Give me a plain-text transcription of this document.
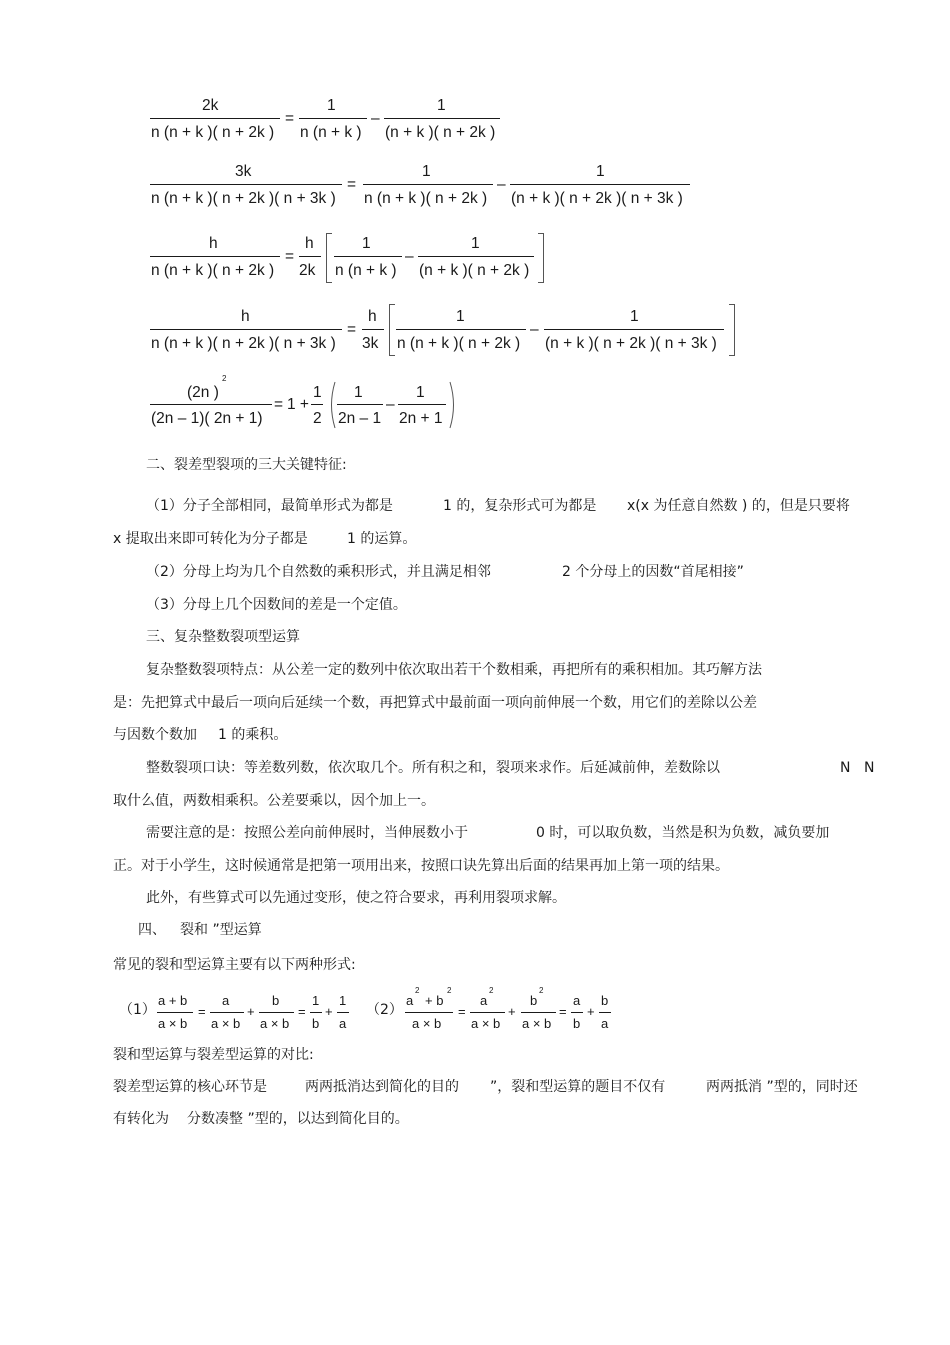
2k
n (n + k )( n + 2k )
=
1
n (n + k )
–
1
(n + k )( n + 2k )
3k
n (n + k )( n + 2k )( n + 3k )
=
1
n (n + k )( n + 2k )
–
1
(n + k )( n + 2k )( n + 3k )
h
n (n + k )( n + 2k )
=
h
2k
1
n (n + k )
–
1
(n + k )( n + 2k )
h
n (n + k )( n + 2k )( n + 3k )
=
h
3k
1
n (n + k )( n + 2k )
–
1
(n + k )( n + 2k )( n + 3k )
(2n )
2
(2n – 1)( 2n + 1)
= 1 +
1
2
1
2n – 1
–
1
2n + 1
二、裂差型裂项的三大关键特征:
（1）分子全部相同，最简单形式为都是	1 的，复杂形式可为都是 x(x 为任意自然数 ) 的，但是只要将
x 提取出来即可转化为分子都是	1 的运算。
（2）分母上均为几个自然数的乘积形式，并且满足相邻	2 个分母上的因数“首尾相接”
（3）分母上几个因数间的差是一个定值。
三、复杂整数裂项型运算
复杂整数裂项特点：从公差一定的数列中依次取出若干个数相乘，再把所有的乘积相加。其巧解方法
是：先把算式中最后一项向后延续一个数，再把算式中最前面一项向前伸展一个数，用它们的差除以公差
与因数个数加 1 的乘积。
整数裂项口诀：等差数列数，依次取几个。所有积之和，裂项来求作。后延减前伸，差数除以	N N
取什么值，两数相乘积。公差要乘以，因个加上一。
需要注意的是：按照公差向前伸展时，当伸展数小于	0 时，可以取负数，当然是积为负数，减负要加
正。对于小学生，这时候通常是把第一项用出来，按照口诀先算出后面的结果再加上第一项的结果。
此外，有些算式可以先通过变形，使之符合要求，再利用裂项求解。
四、 裂和 ”型运算
常见的裂和型运算主要有以下两种形式:
（1）
a + b
a × b
=
a
a × b
+
b
a × b
=
1
b
+
1
a
（2）
a
2
+ b
2
a × b
=
a
2
a × b
+
b
2
a × b
=
a
b
+
b
a
裂和型运算与裂差型运算的对比:
裂差型运算的核心环节是	两两抵消达到简化的目的 ”，裂和型运算的题目不仅有	两两抵消 ”型的，同时还
有转化为 分数凑整 ”型的，以达到简化目的。
